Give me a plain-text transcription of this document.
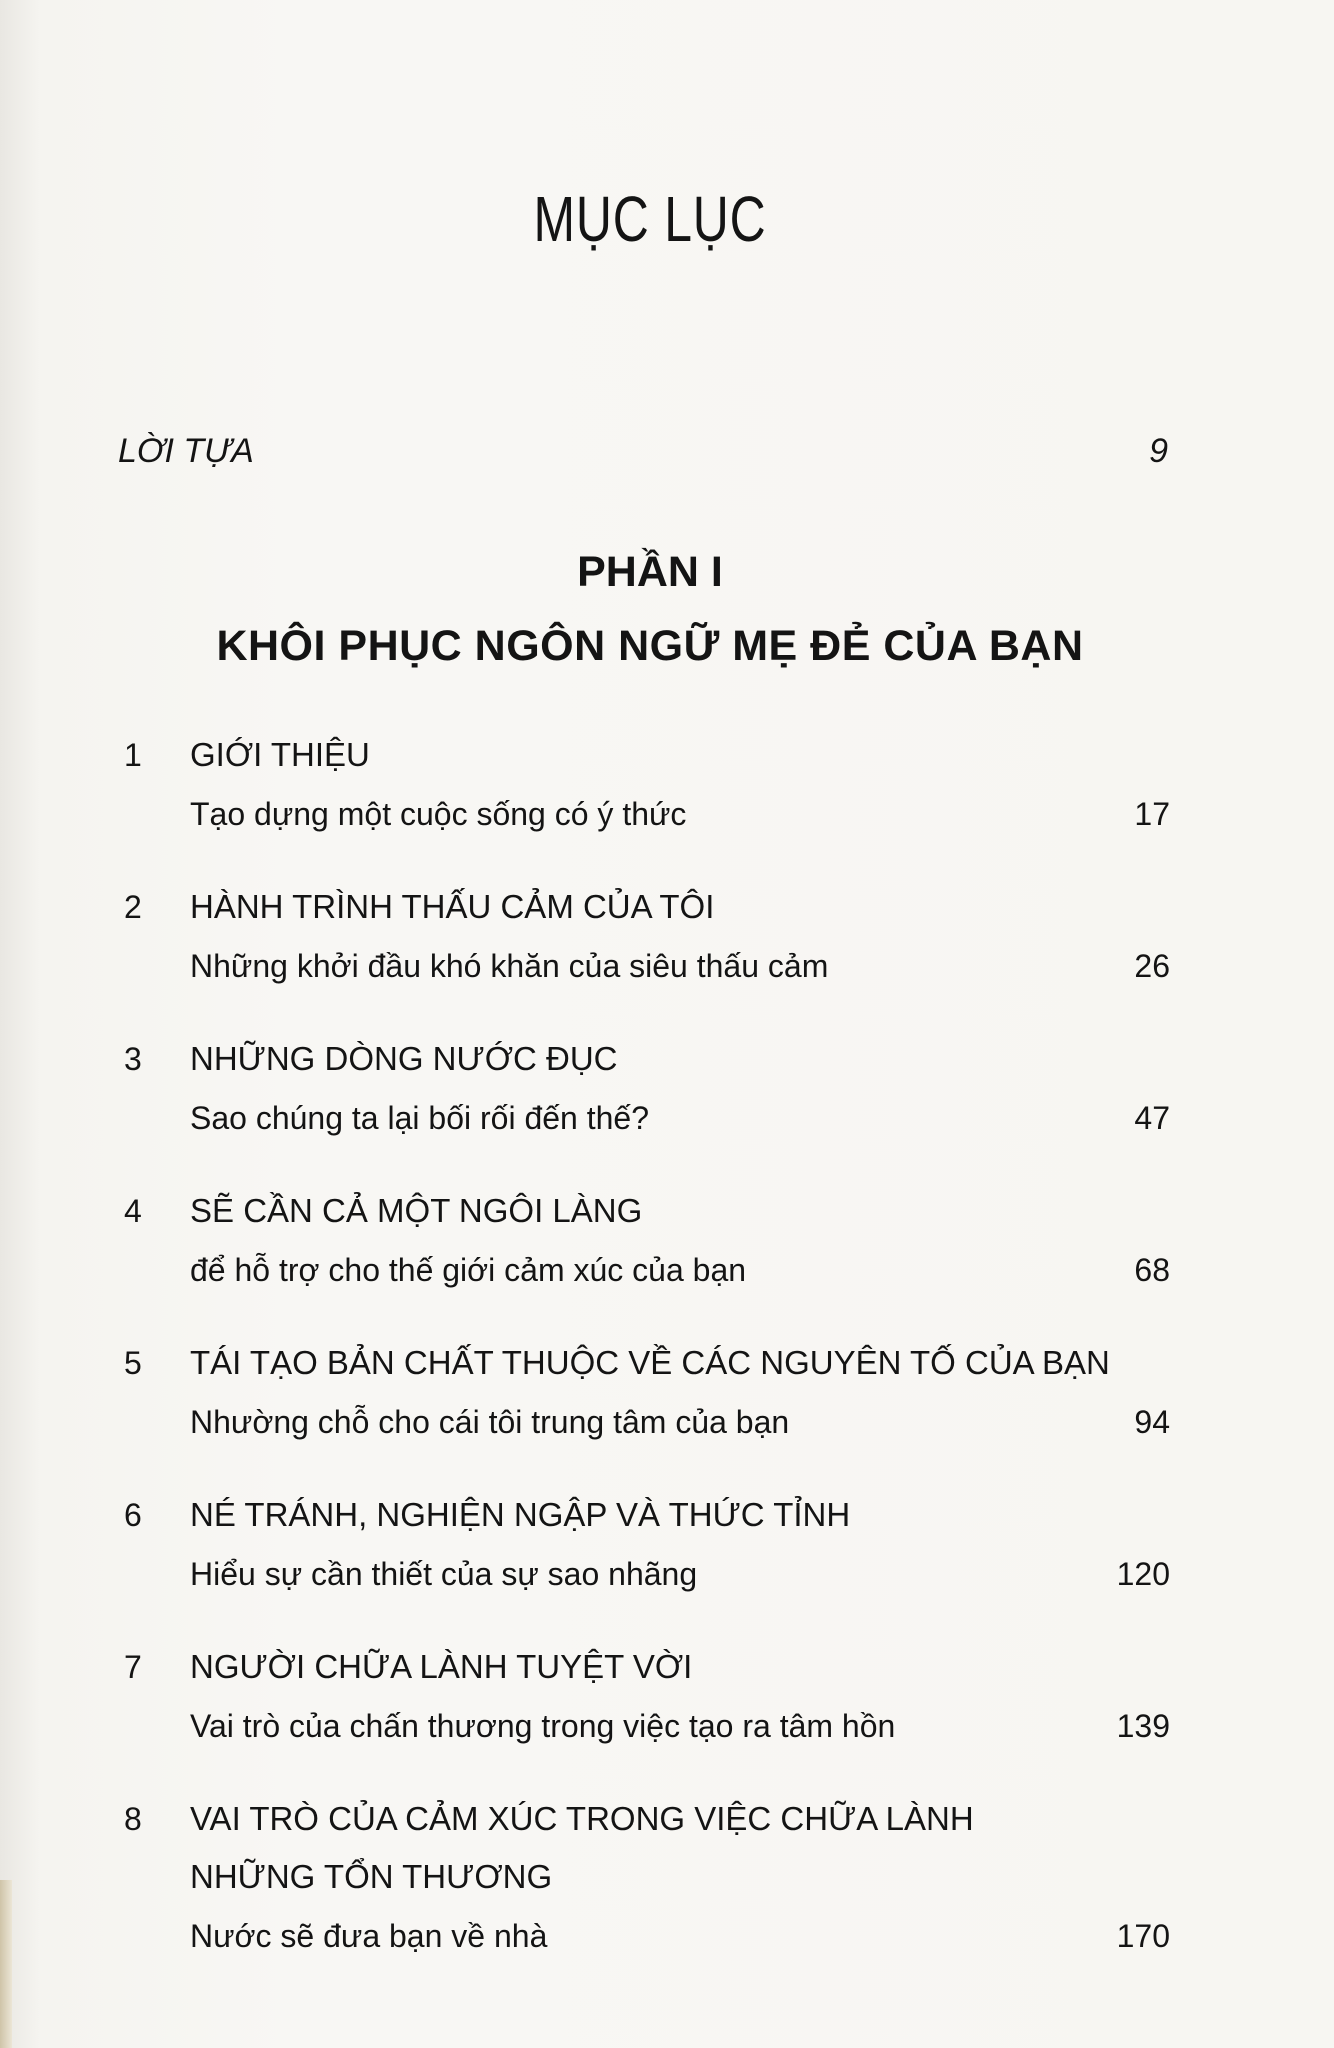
MỤC LỤC
LỜI TỰA	9
PHẦN I
KHÔI PHỤC NGÔN NGỮ MẸ ĐẺ CỦA BẠN
1	GIỚI THIỆU
Tạo dựng một cuộc sống có ý thức	17
2	HÀNH TRÌNH THẤU CẢM CỦA TÔI
Những khởi đầu khó khăn của siêu thấu cảm	26
3	NHỮNG DÒNG NƯỚC ĐỤC
Sao chúng ta lại bối rối đến thế?	47
4	SẼ CẦN CẢ MỘT NGÔI LÀNG
để hỗ trợ cho thế giới cảm xúc của bạn	68
5	TÁI TẠO BẢN CHẤT THUỘC VỀ CÁC NGUYÊN TỐ CỦA BẠN
Nhường chỗ cho cái tôi trung tâm của bạn	94
6	NÉ TRÁNH, NGHIỆN NGẬP VÀ THỨC TỈNH
Hiểu sự cần thiết của sự sao nhãng	120
7	NGƯỜI CHỮA LÀNH TUYỆT VỜI
Vai trò của chấn thương trong việc tạo ra tâm hồn	139
8	VAI TRÒ CỦA CẢM XÚC TRONG VIỆC CHỮA LÀNH
NHỮNG TỔN THƯƠNG
Nước sẽ đưa bạn về nhà	170
